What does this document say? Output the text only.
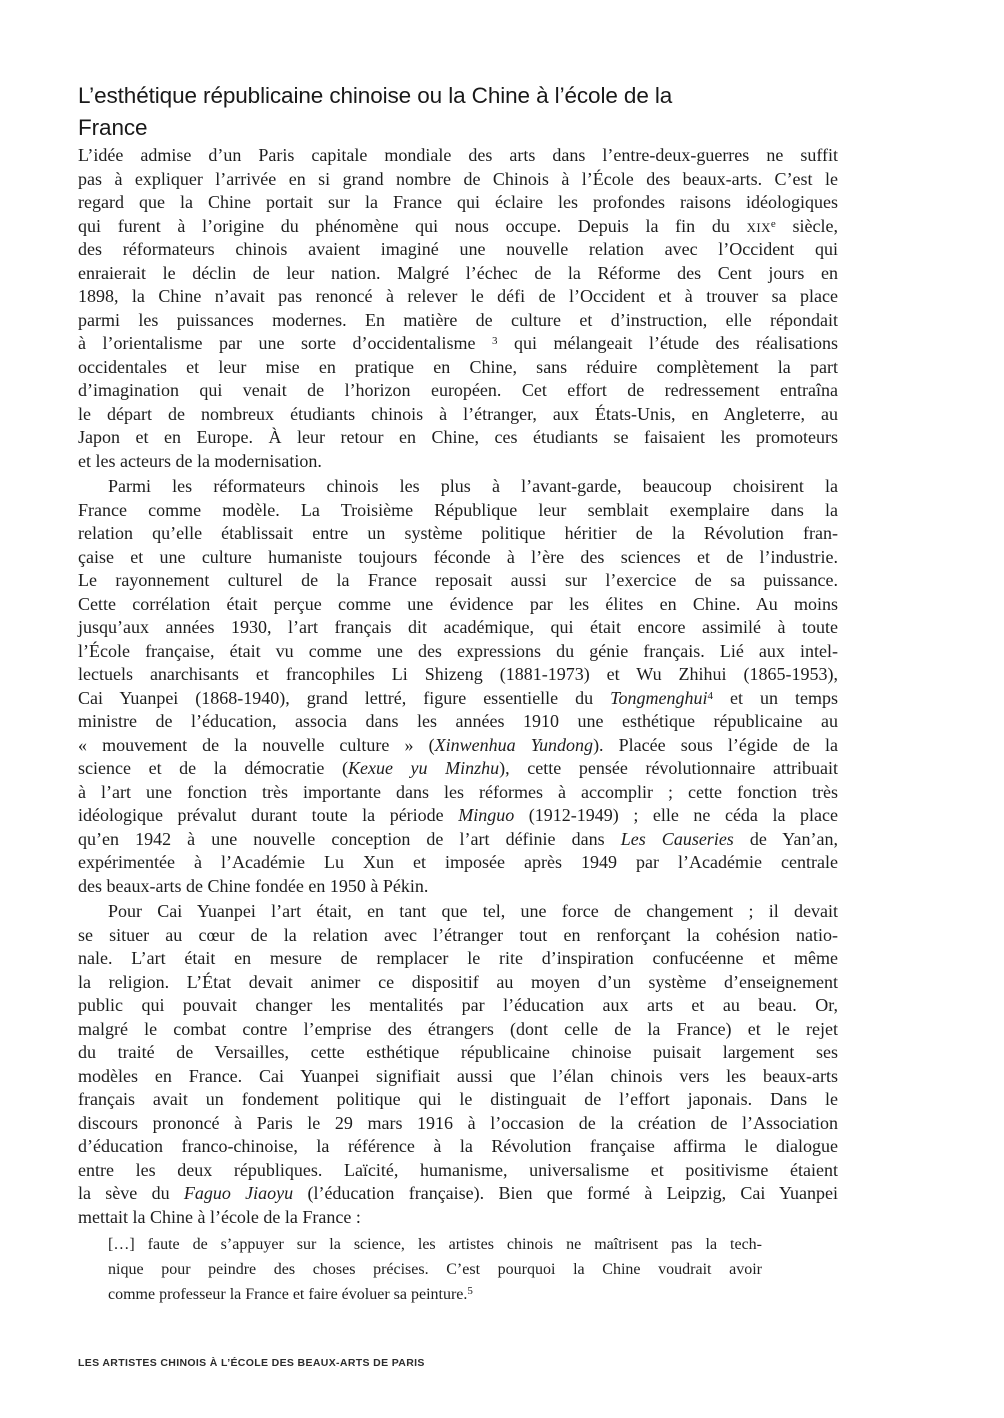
L’esthétique républicaine chinoise ou la Chine à l’école de la
France
L’idée admise d’un Paris capitale mondiale des arts dans l’entre-deux-guerres ne suffit
pas à expliquer l’arrivée en si grand nombre de Chinois à l’École des beaux-arts. C’est le
regard que la Chine portait sur la France qui éclaire les profondes raisons idéologiques
qui furent à l’origine du phénomène qui nous occupe. Depuis la fin du xix$^e$ siècle,
des réformateurs chinois avaient imaginé une nouvelle relation avec l’Occident qui
enraierait le déclin de leur nation. Malgré l’échec de la Réforme des Cent jours en
1898, la Chine n’avait pas renoncé à relever le défi de l’Occident et à trouver sa place
parmi les puissances modernes. En matière de culture et d’instruction, elle répondait
à l’orientalisme par une sorte d’occidentalisme $^3$ qui mélangeait l’étude des réalisations
occidentales et leur mise en pratique en Chine, sans réduire complètement la part
d’imagination qui venait de l’horizon européen. Cet effort de redressement entraîna
le départ de nombreux étudiants chinois à l’étranger, aux États-Unis, en Angleterre, au
Japon et en Europe. À leur retour en Chine, ces étudiants se faisaient les promoteurs
et les acteurs de la modernisation.
Parmi les réformateurs chinois les plus à l’avant-garde, beaucoup choisirent la
France comme modèle. La Troisième République leur semblait exemplaire dans la
relation qu’elle établissait entre un système politique héritier de la Révolution fran-
çaise et une culture humaniste toujours féconde à l’ère des sciences et de l’industrie.
Le rayonnement culturel de la France reposait aussi sur l’exercice de sa puissance.
Cette corrélation était perçue comme une évidence par les élites en Chine. Au moins
jusqu’aux années 1930, l’art français dit académique, qui était encore assimilé à toute
l’École française, était vu comme une des expressions du génie français. Lié aux intel-
lectuels anarchisants et francophiles Li Shizeng (1881-1973) et Wu Zhihui (1865-1953),
Cai Yuanpei (1868-1940), grand lettré, figure essentielle du Tongmenghui$^4$ et un temps
ministre de l’éducation, associa dans les années 1910 une esthétique républicaine au
« mouvement de la nouvelle culture » (Xinwenhua Yundong). Placée sous l’égide de la
science et de la démocratie (Kexue yu Minzhu), cette pensée révolutionnaire attribuait
à l’art une fonction très importante dans les réformes à accomplir ; cette fonction très
idéologique prévalut durant toute la période Minguo (1912-1949) ; elle ne céda la place
qu’en 1942 à une nouvelle conception de l’art définie dans Les Causeries de Yan’an,
expérimentée à l’Académie Lu Xun et imposée après 1949 par l’Académie centrale
des beaux-arts de Chine fondée en 1950 à Pékin.
Pour Cai Yuanpei l’art était, en tant que tel, une force de changement ; il devait
se situer au cœur de la relation avec l’étranger tout en renforçant la cohésion natio-
nale. L’art était en mesure de remplacer le rite d’inspiration confucéenne et même
la religion. L’État devait animer ce dispositif au moyen d’un système d’enseignement
public qui pouvait changer les mentalités par l’éducation aux arts et au beau. Or,
malgré le combat contre l’emprise des étrangers (dont celle de la France) et le rejet
du traité de Versailles, cette esthétique républicaine chinoise puisait largement ses
modèles en France. Cai Yuanpei signifiait aussi que l’élan chinois vers les beaux-arts
français avait un fondement politique qui le distinguait de l’effort japonais. Dans le
discours prononcé à Paris le 29 mars 1916 à l’occasion de la création de l’Association
d’éducation franco-chinoise, la référence à la Révolution française affirma le dialogue
entre les deux républiques. Laïcité, humanisme, universalisme et positivisme étaient
la sève du Faguo Jiaoyu (l’éducation française). Bien que formé à Leipzig, Cai Yuanpei
mettait la Chine à l’école de la France :
[…] faute de s’appuyer sur la science, les artistes chinois ne maîtrisent pas la tech-
nique pour peindre des choses précises. C’est pourquoi la Chine voudrait avoir
comme professeur la France et faire évoluer sa peinture.$^5$
LES ARTISTES CHINOIS À L’ÉCOLE DES BEAUX-ARTS DE PARIS
